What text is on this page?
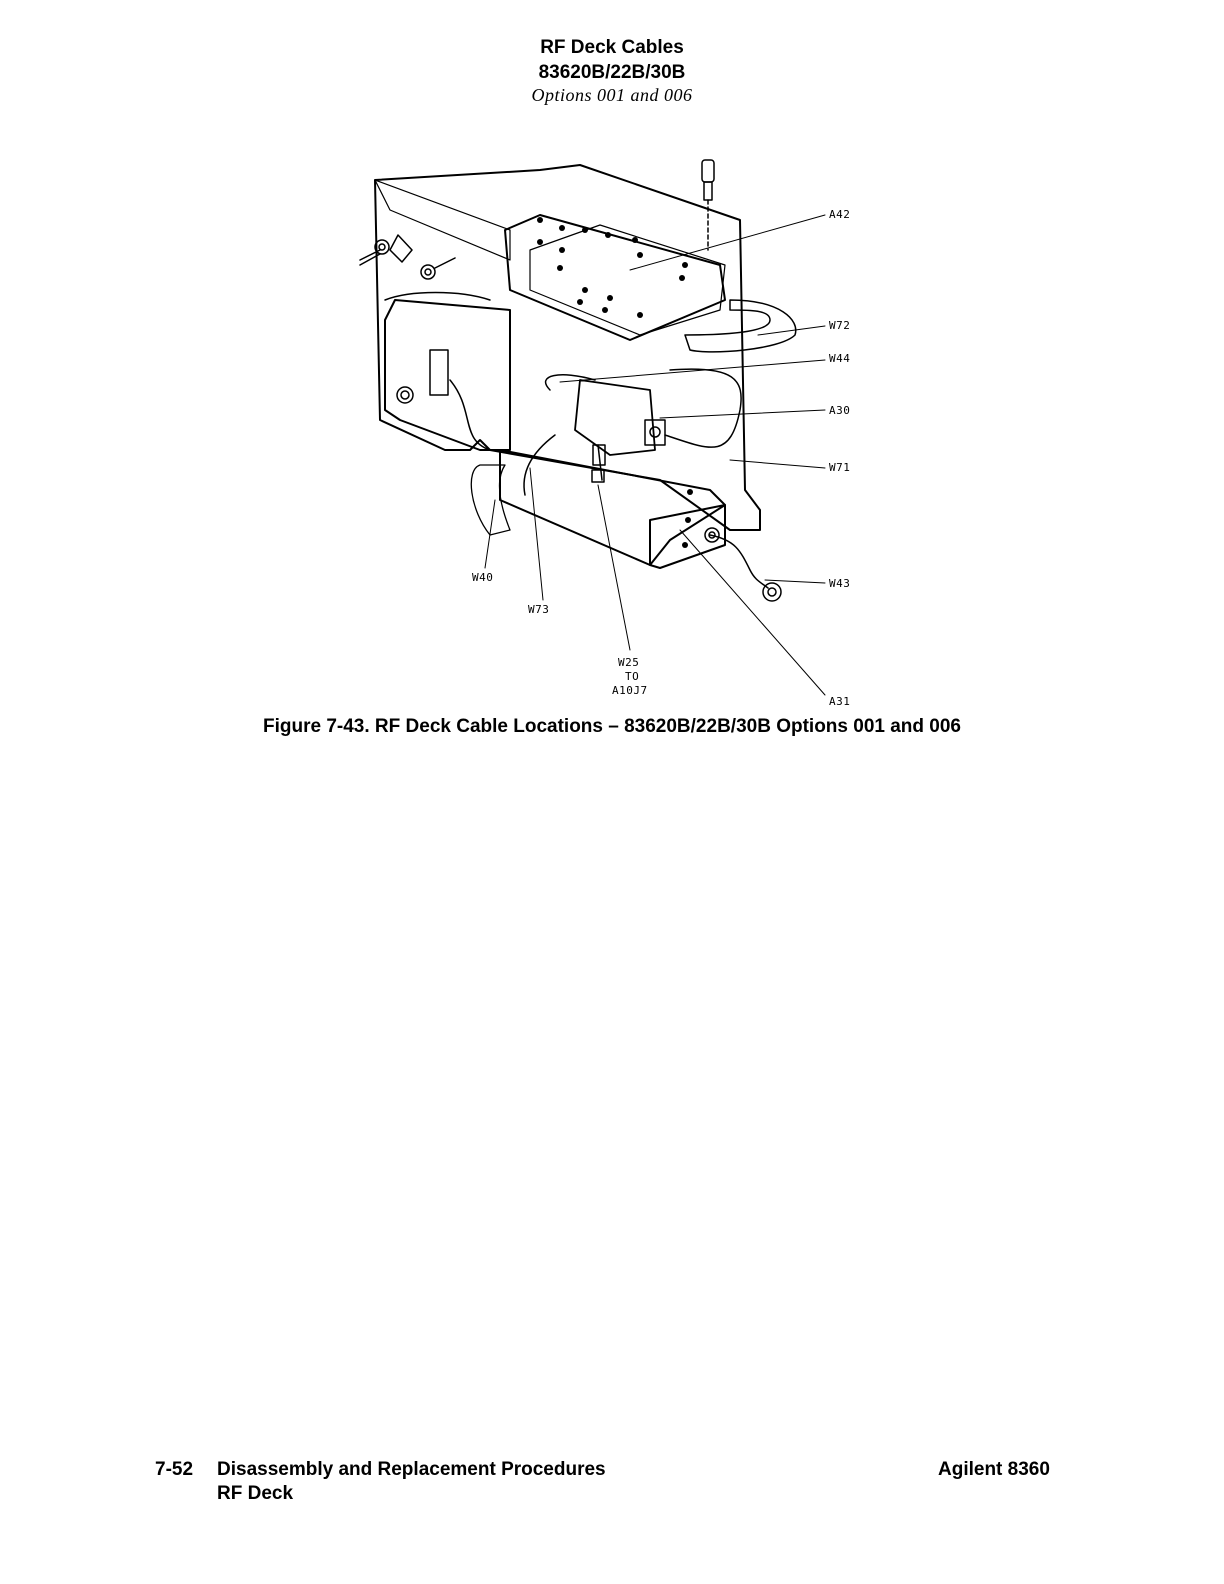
RF Deck Cables
83620B/22B/30B
Options 001 and 006
A42
W72
W44
A30
W71
W43
A31
W40
W73
W25
TO
A10J7
Figure 7-43. RF Deck Cable Locations – 83620B/22B/30B Options 001 and 006
7-52 Disassembly and Replacement Procedures
RF Deck
Agilent 8360
